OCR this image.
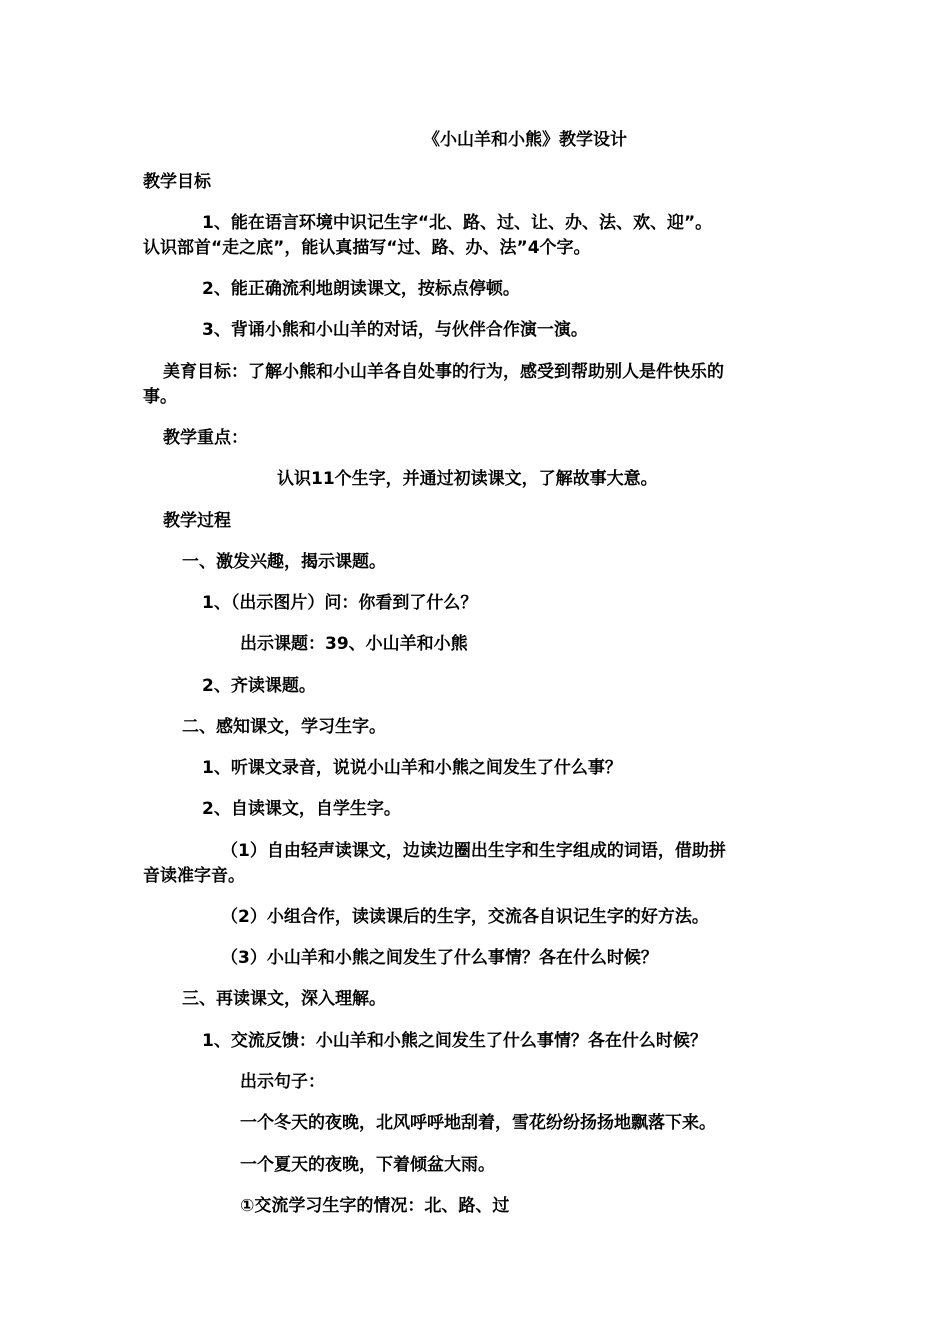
《小山羊和小熊》教学设计
教学目标
1、能在语言环境中识记生字“北、路、过、让、办、法、欢、迎”。
认识部首“走之底”，能认真描写“过、路、办、法”4个字。
2、能正确流利地朗读课文，按标点停顿。
3、背诵小熊和小山羊的对话，与伙伴合作演一演。
美育目标：了解小熊和小山羊各自处事的行为，感受到帮助别人是件快乐的
事。
教学重点：
认识11个生字，并通过初读课文，了解故事大意。
教学过程
一、激发兴趣，揭示课题。
1、（出示图片）问：你看到了什么？
出示课题：39、小山羊和小熊
2、齐读课题。
二、感知课文，学习生字。
1、听课文录音，说说小山羊和小熊之间发生了什么事？
2、自读课文，自学生字。
（1）自由轻声读课文，边读边圈出生字和生字组成的词语，借助拼
音读准字音。
（2）小组合作，读读课后的生字，交流各自识记生字的好方法。
（3）小山羊和小熊之间发生了什么事情？各在什么时候？
三、再读课文，深入理解。
1、交流反馈：小山羊和小熊之间发生了什么事情？各在什么时候？
出示句子：
一个冬天的夜晚，北风呼呼地刮着，雪花纷纷扬扬地飘落下来。
一个夏天的夜晚，下着倾盆大雨。
①交流学习生字的情况：北、路、过
